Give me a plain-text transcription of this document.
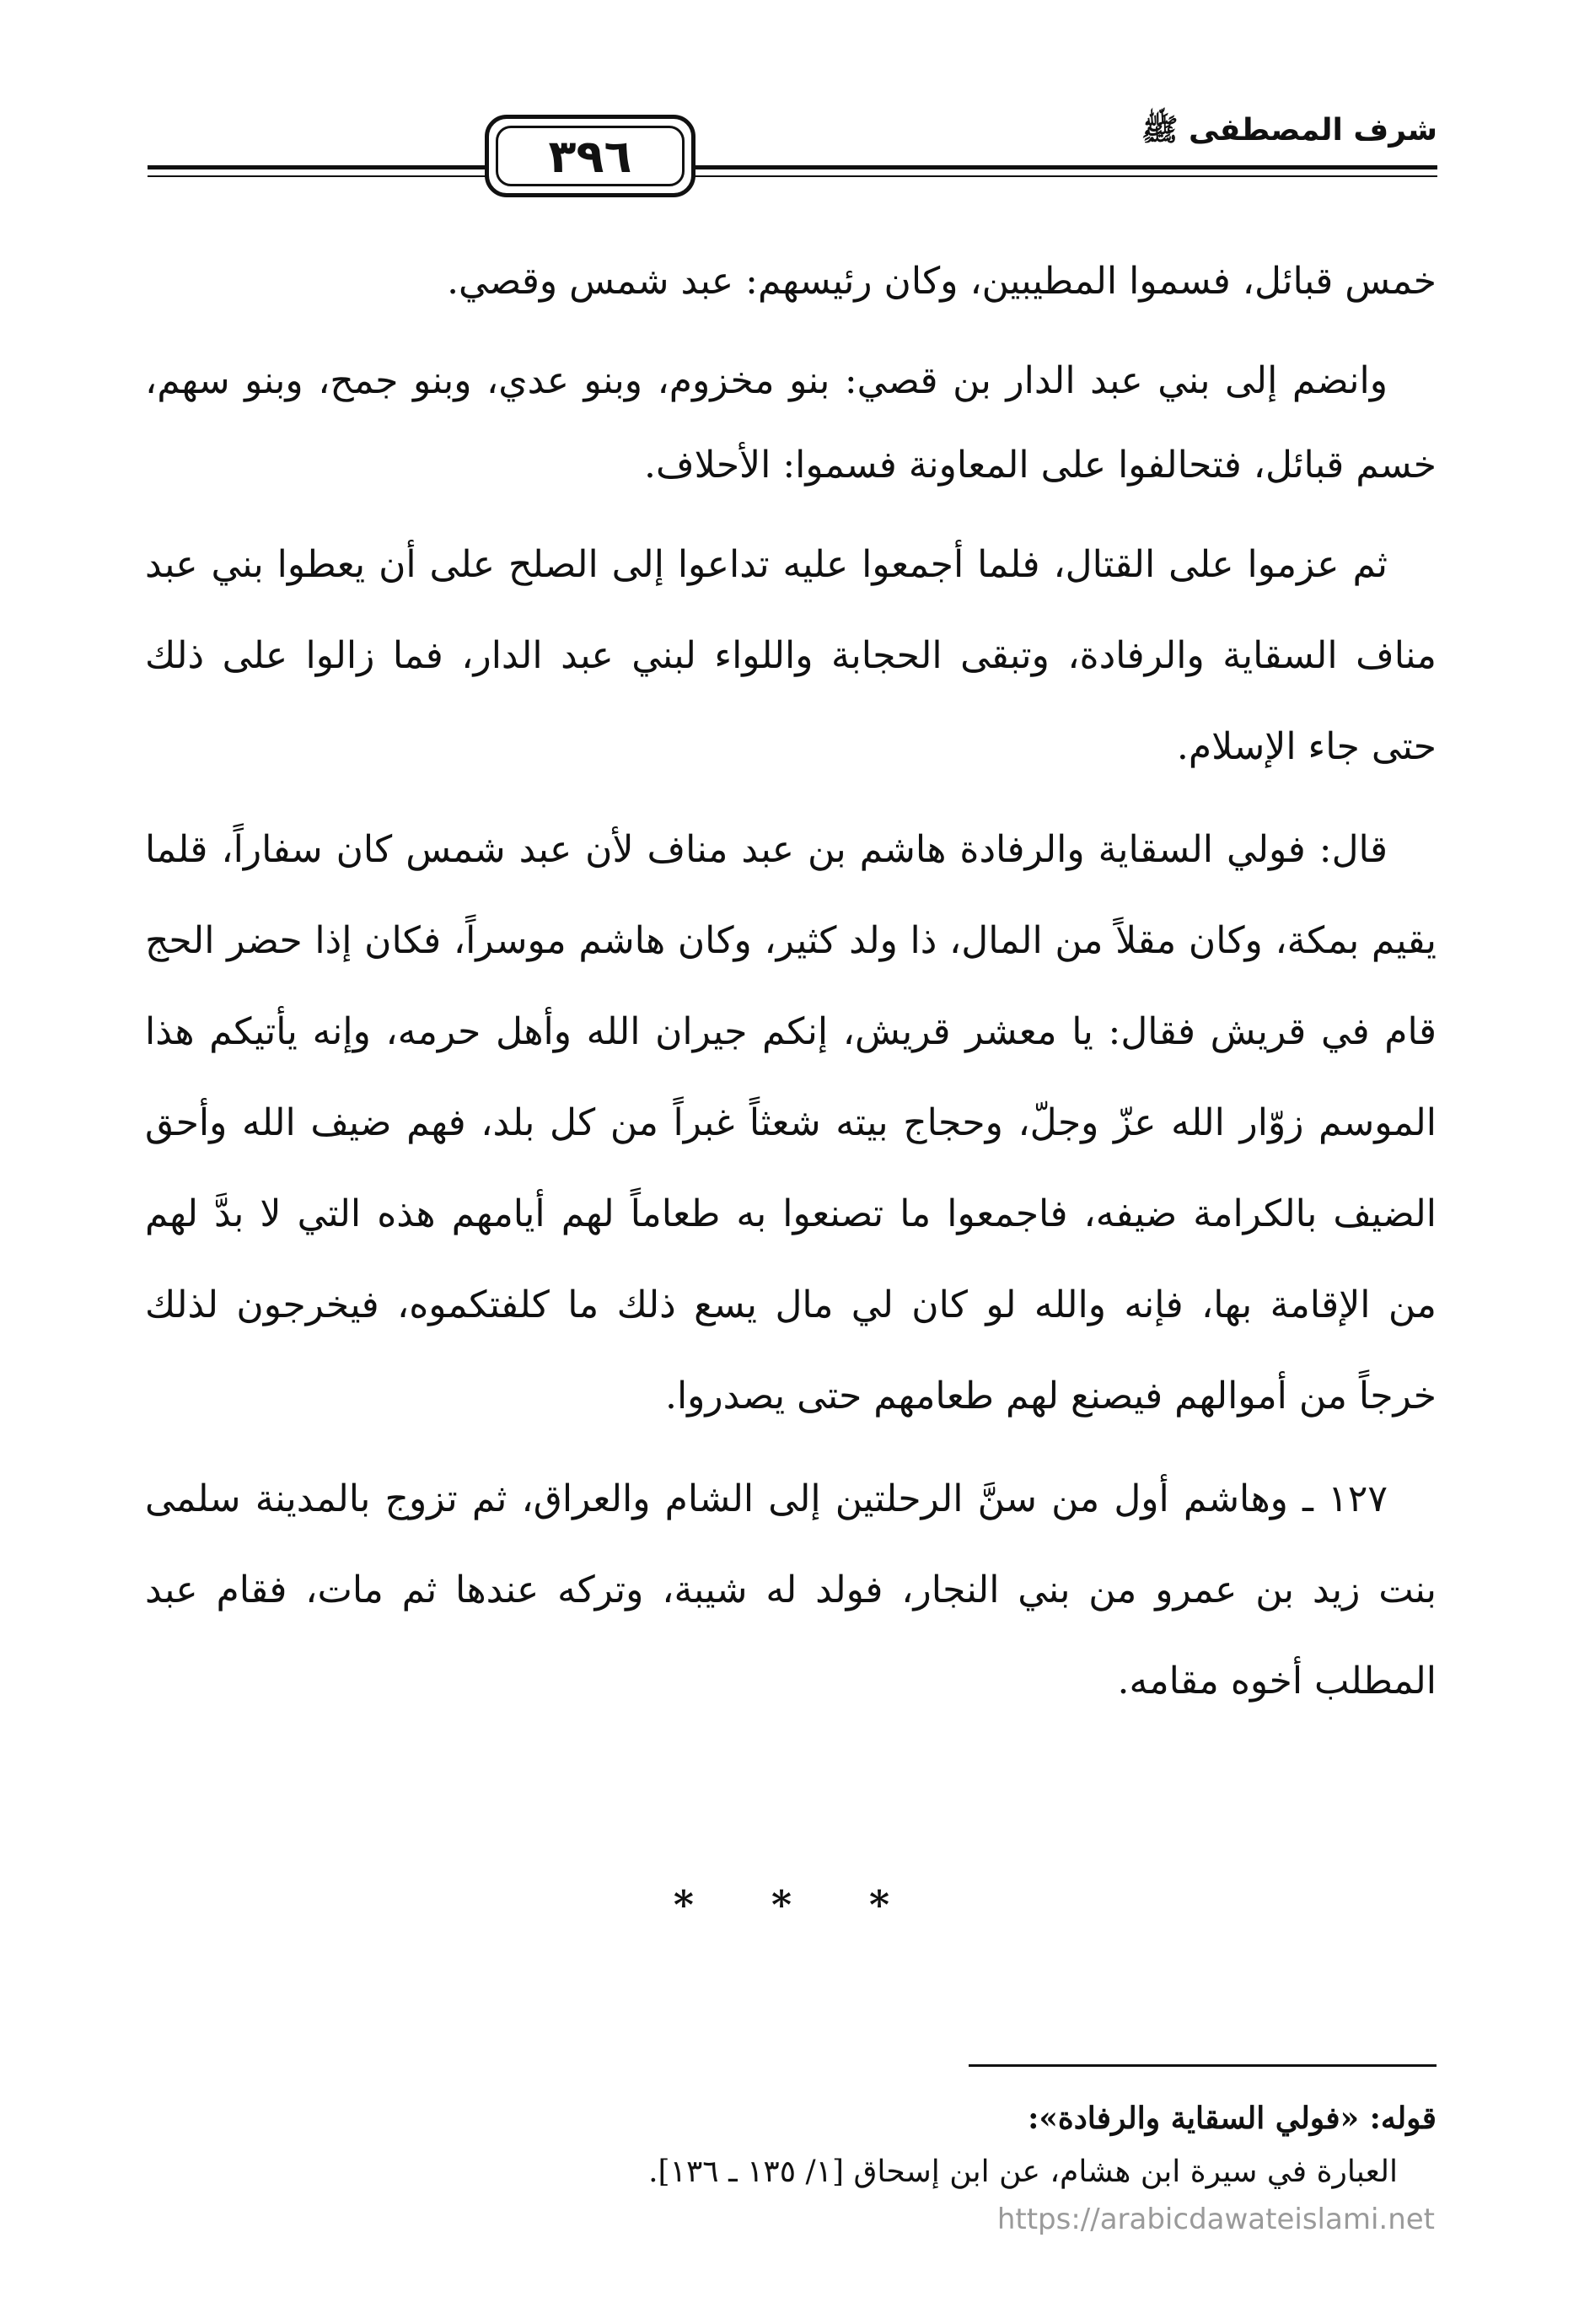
٣٩٦	شرف المصطفى ﷺ

خمس قبائل، فسموا المطيبين، وكان رئيسهم: عبد شمس وقصي.

وانضم إلى بني عبد الدار بن قصي: بنو مخزوم، وبنو عدي، وبنو جمح، وبنو سهم، خسم قبائل، فتحالفوا على المعاونة فسموا: الأحلاف.

ثم عزموا على القتال، فلما أجمعوا عليه تداعوا إلى الصلح على أن يعطوا بني عبد مناف السقاية والرفادة، وتبقى الحجابة واللواء لبني عبد الدار، فما زالوا على ذلك حتى جاء الإسلام.

قال: فولي السقاية والرفادة هاشم بن عبد مناف لأن عبد شمس كان سفاراً، قلما يقيم بمكة، وكان مقلاً من المال، ذا ولد كثير، وكان هاشم موسراً، فكان إذا حضر الحج قام في قريش فقال: يا معشر قريش، إنكم جيران الله وأهل حرمه، وإنه يأتيكم هذا الموسم زوّار الله عزّ وجلّ، وحجاج بيته شعثاً غبراً من كل بلد، فهم ضيف الله وأحق الضيف بالكرامة ضيفه، فاجمعوا ما تصنعوا به طعاماً لهم أيامهم هذه التي لا بدَّ لهم من الإقامة بها، فإنه والله لو كان لي مال يسع ذلك ما كلفتكموه، فيخرجون لذلك خرجاً من أموالهم فيصنع لهم طعامهم حتى يصدروا.

١٢٧ ـ وهاشم أول من سنَّ الرحلتين إلى الشام والعراق، ثم تزوج بالمدينة سلمى بنت زيد بن عمرو من بني النجار، فولد له شيبة، وتركه عندها ثم مات، فقام عبد المطلب أخوه مقامه.

* * *
قوله: «فولي السقاية والرفادة»:
العبارة في سيرة ابن هشام، عن ابن إسحاق [١/ ١٣٥ ـ ١٣٦].
https://arabicdawateislami.net
